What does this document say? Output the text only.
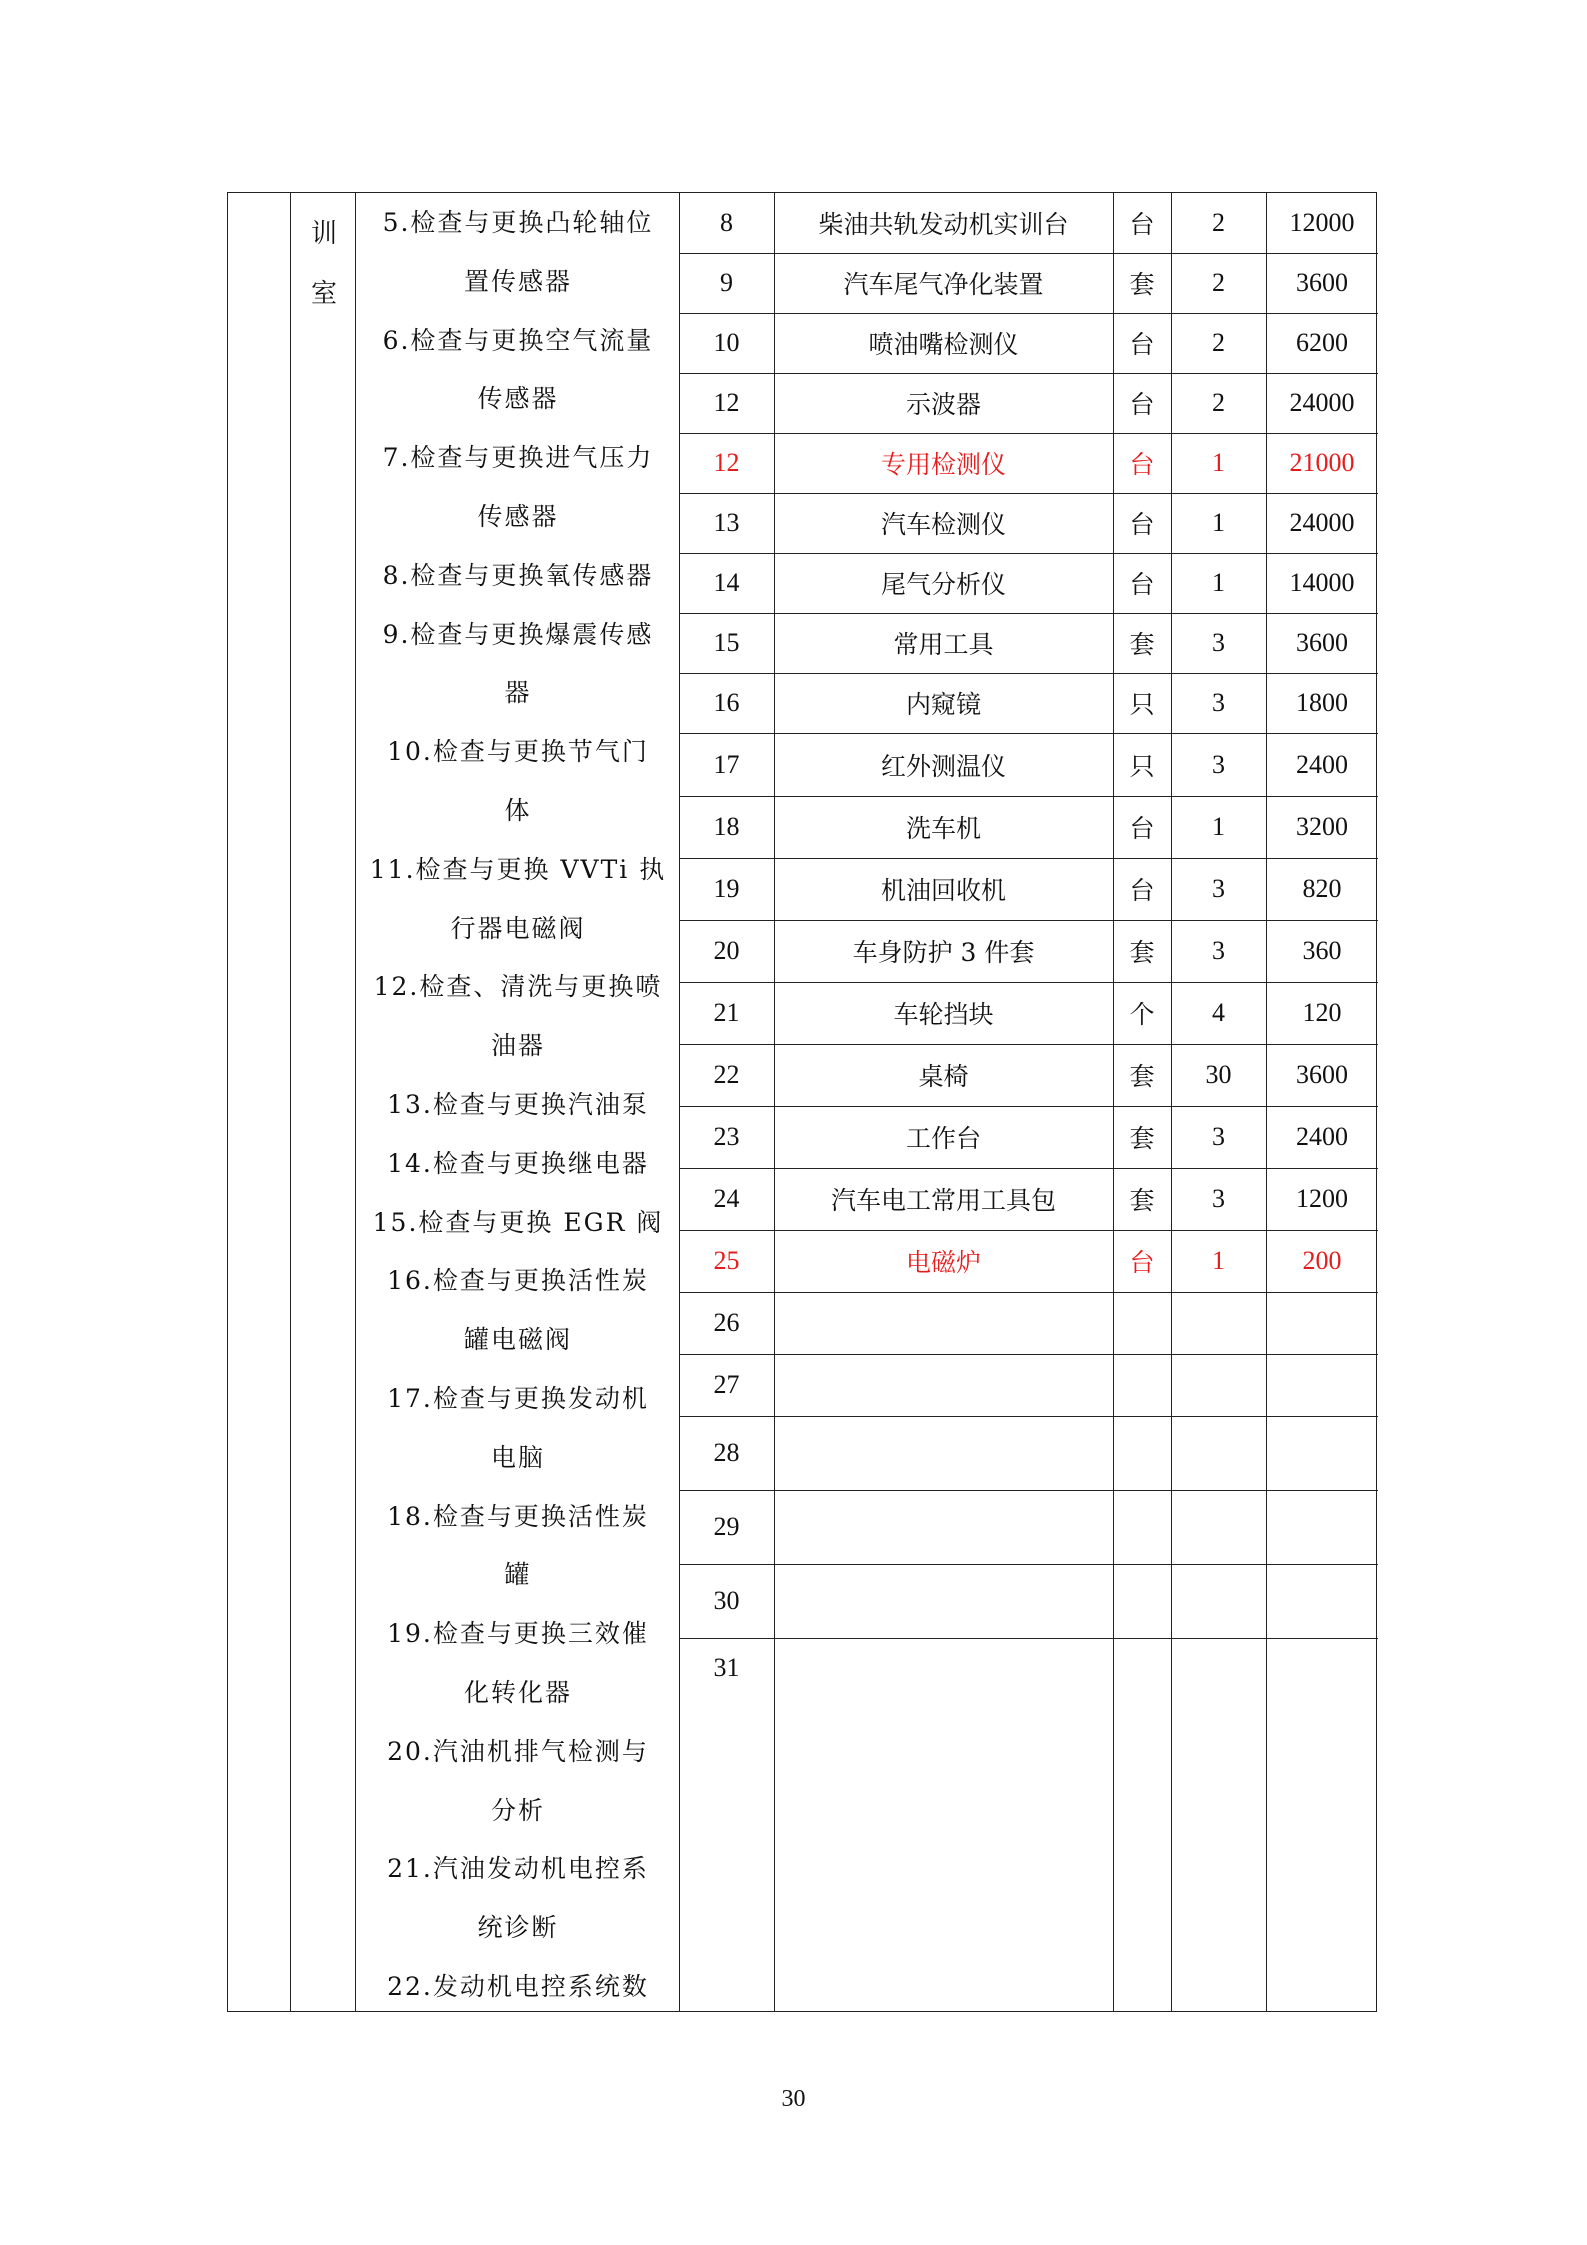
训
室
5.检查与更换凸轮轴位
置传感器
6.检查与更换空气流量
传感器
7.检查与更换进气压力
传感器
8.检查与更换氧传感器
9.检查与更换爆震传感
器
10.检查与更换节气门
体
11.检查与更换 VVTi 执
行器电磁阀
12.检查、清洗与更换喷
油器
13.检查与更换汽油泵
14.检查与更换继电器
15.检查与更换 EGR 阀
16.检查与更换活性炭
罐电磁阀
17.检查与更换发动机
电脑
18.检查与更换活性炭
罐
19.检查与更换三效催
化转化器
20.汽油机排气检测与
分析
21.汽油发动机电控系
统诊断
22.发动机电控系统数
8	柴油共轨发动机实训台	台	2	12000
9	汽车尾气净化装置	套	2	3600
10	喷油嘴检测仪	台	2	6200
12	示波器	台	2	24000
12	专用检测仪	台	1	21000
13	汽车检测仪	台	1	24000
14	尾气分析仪	台	1	14000
15	常用工具	套	3	3600
16	内窥镜	只	3	1800
17	红外测温仪	只	3	2400
18	洗车机	台	1	3200
19	机油回收机	台	3	820
20	车身防护 3 件套	套	3	360
21	车轮挡块	个	4	120
22	桌椅	套	30	3600
23	工作台	套	3	2400
24	汽车电工常用工具包	套	3	1200
25	电磁炉	台	1	200
26
27
28
29
30
31
30
